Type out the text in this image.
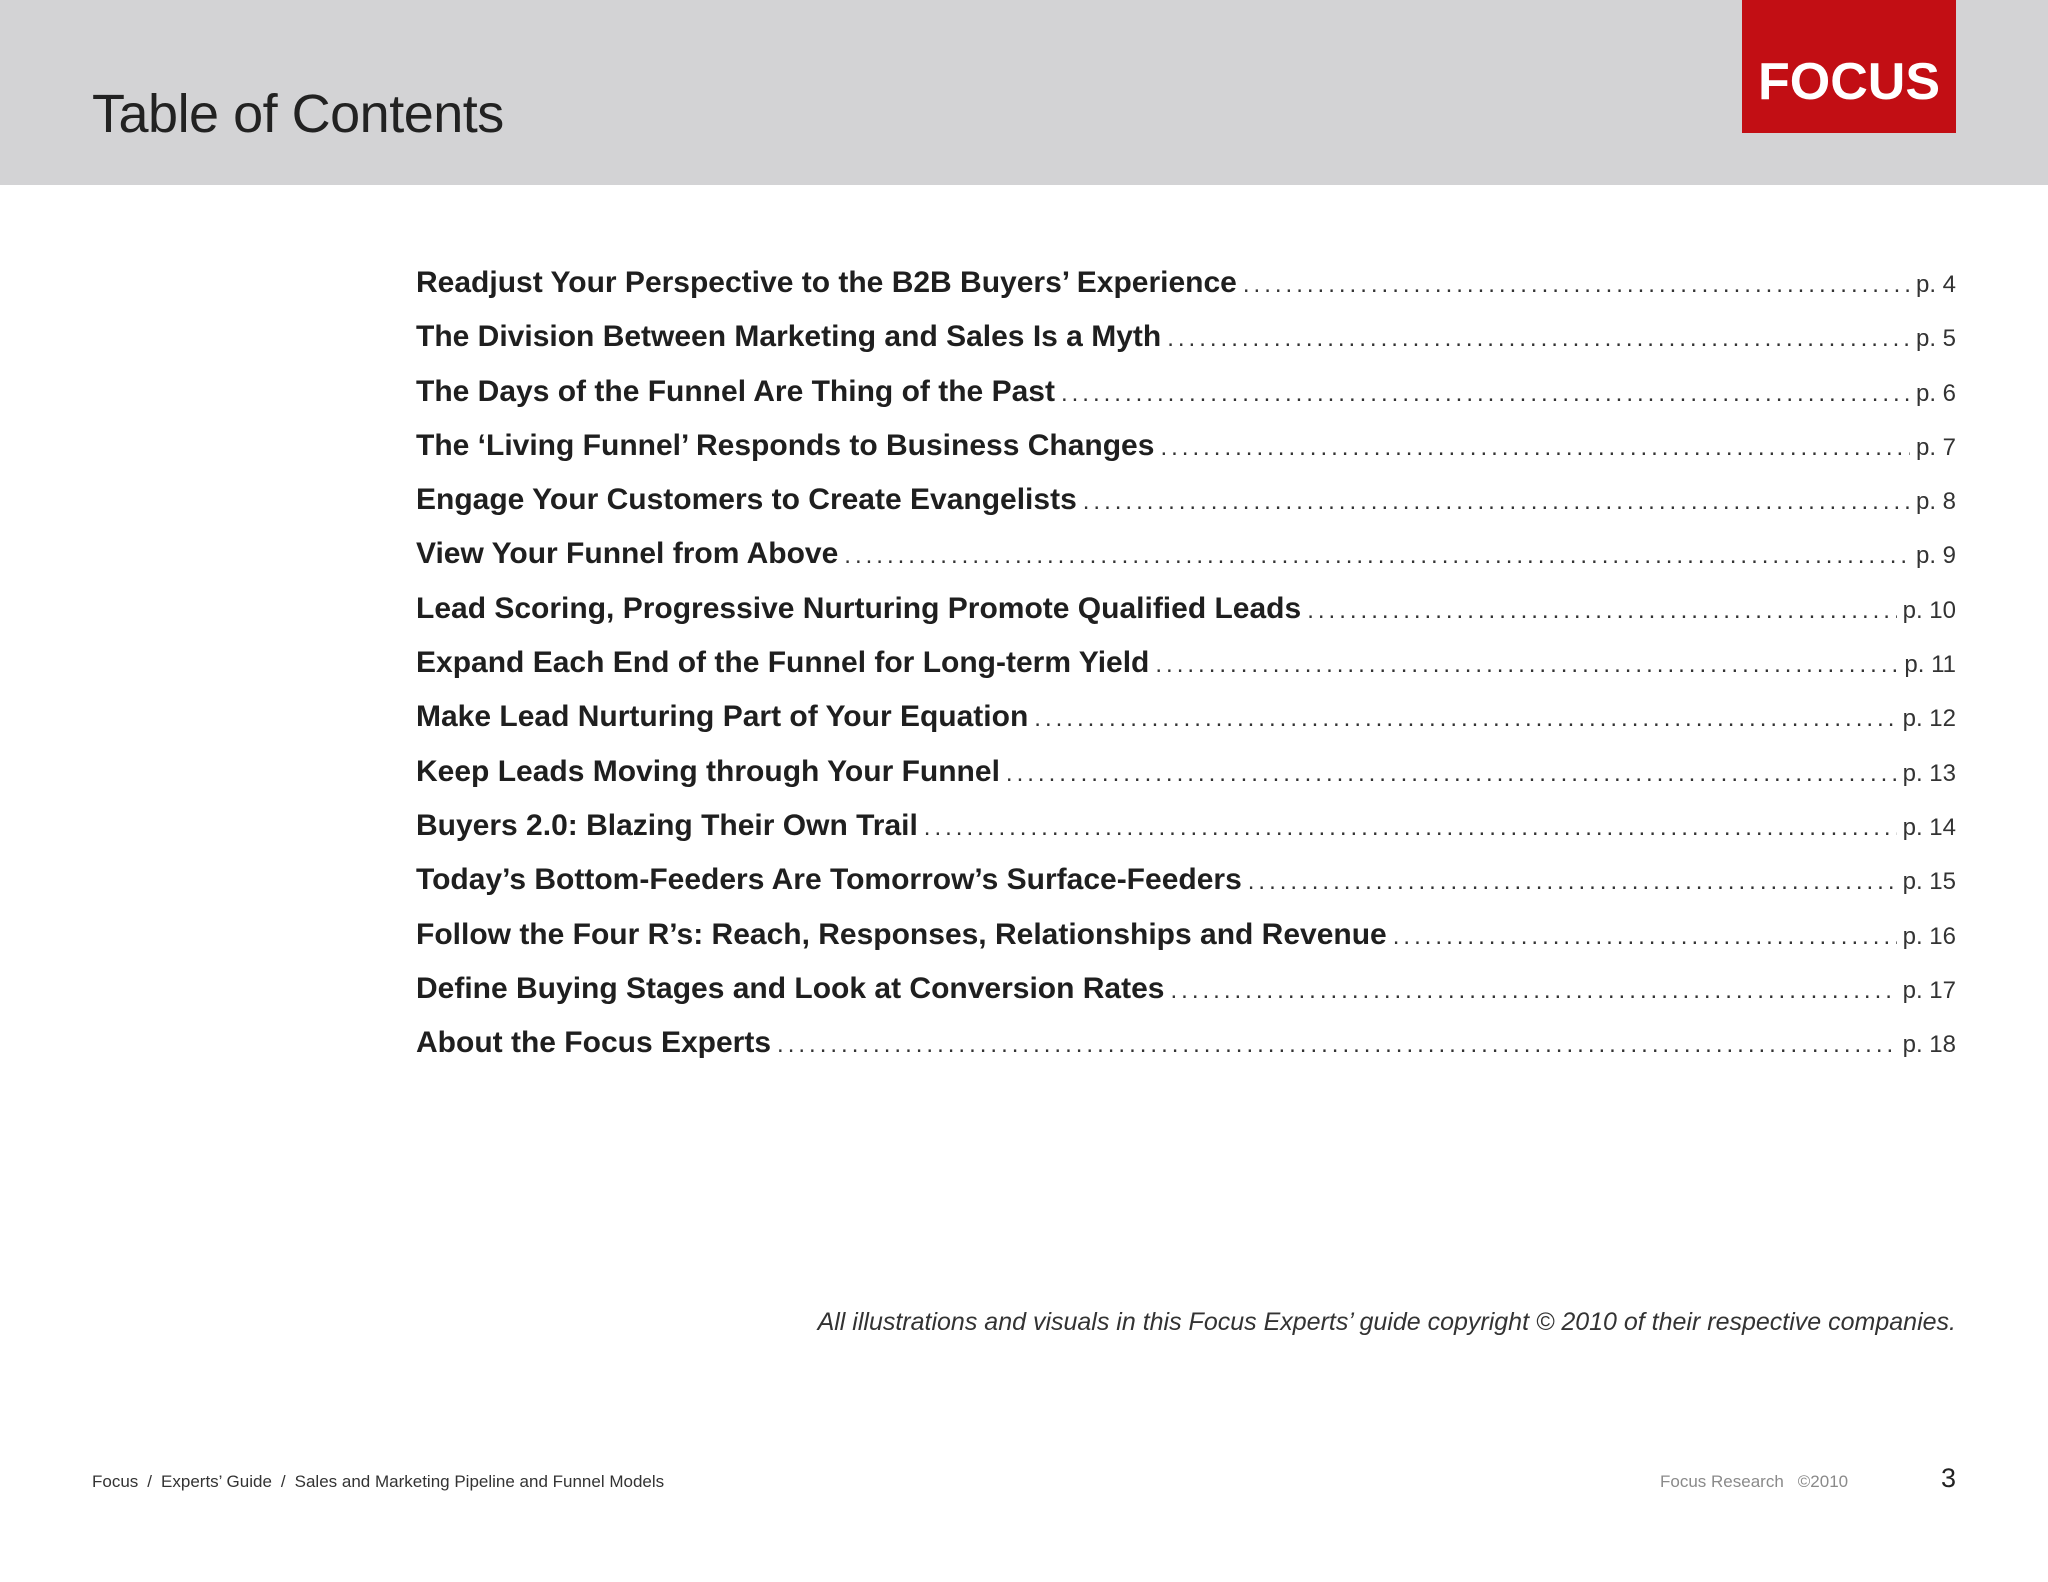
Table of Contents
FOCUS
Readjust Your Perspective to the B2B Buyers’ Experience .....	p. 4
The Division Between Marketing and Sales Is a Myth .....	p. 5
The Days of the Funnel Are Thing of the Past .....	p. 6
The ‘Living Funnel’ Responds to Business Changes .....	p. 7
Engage Your Customers to Create Evangelists .....	p. 8
View Your Funnel from Above .....	p. 9
Lead Scoring, Progressive Nurturing Promote Qualified Leads .....	p. 10
Expand Each End of the Funnel for Long-term Yield .....	p. 11
Make Lead Nurturing Part of Your Equation .....	p. 12
Keep Leads Moving through Your Funnel .....	p. 13
Buyers 2.0: Blazing Their Own Trail .....	p. 14
Today’s Bottom-Feeders Are Tomorrow’s Surface-Feeders .....	p. 15
Follow the Four R’s: Reach, Responses, Relationships and Revenue .....	p. 16
Define Buying Stages and Look at Conversion Rates .....	p. 17
About the Focus Experts .....	p. 18
All illustrations and visuals in this Focus Experts’ guide copyright © 2010 of their respective companies.
Focus / Experts’ Guide / Sales and Marketing Pipeline and Funnel Models	Focus Research ©2010	3
